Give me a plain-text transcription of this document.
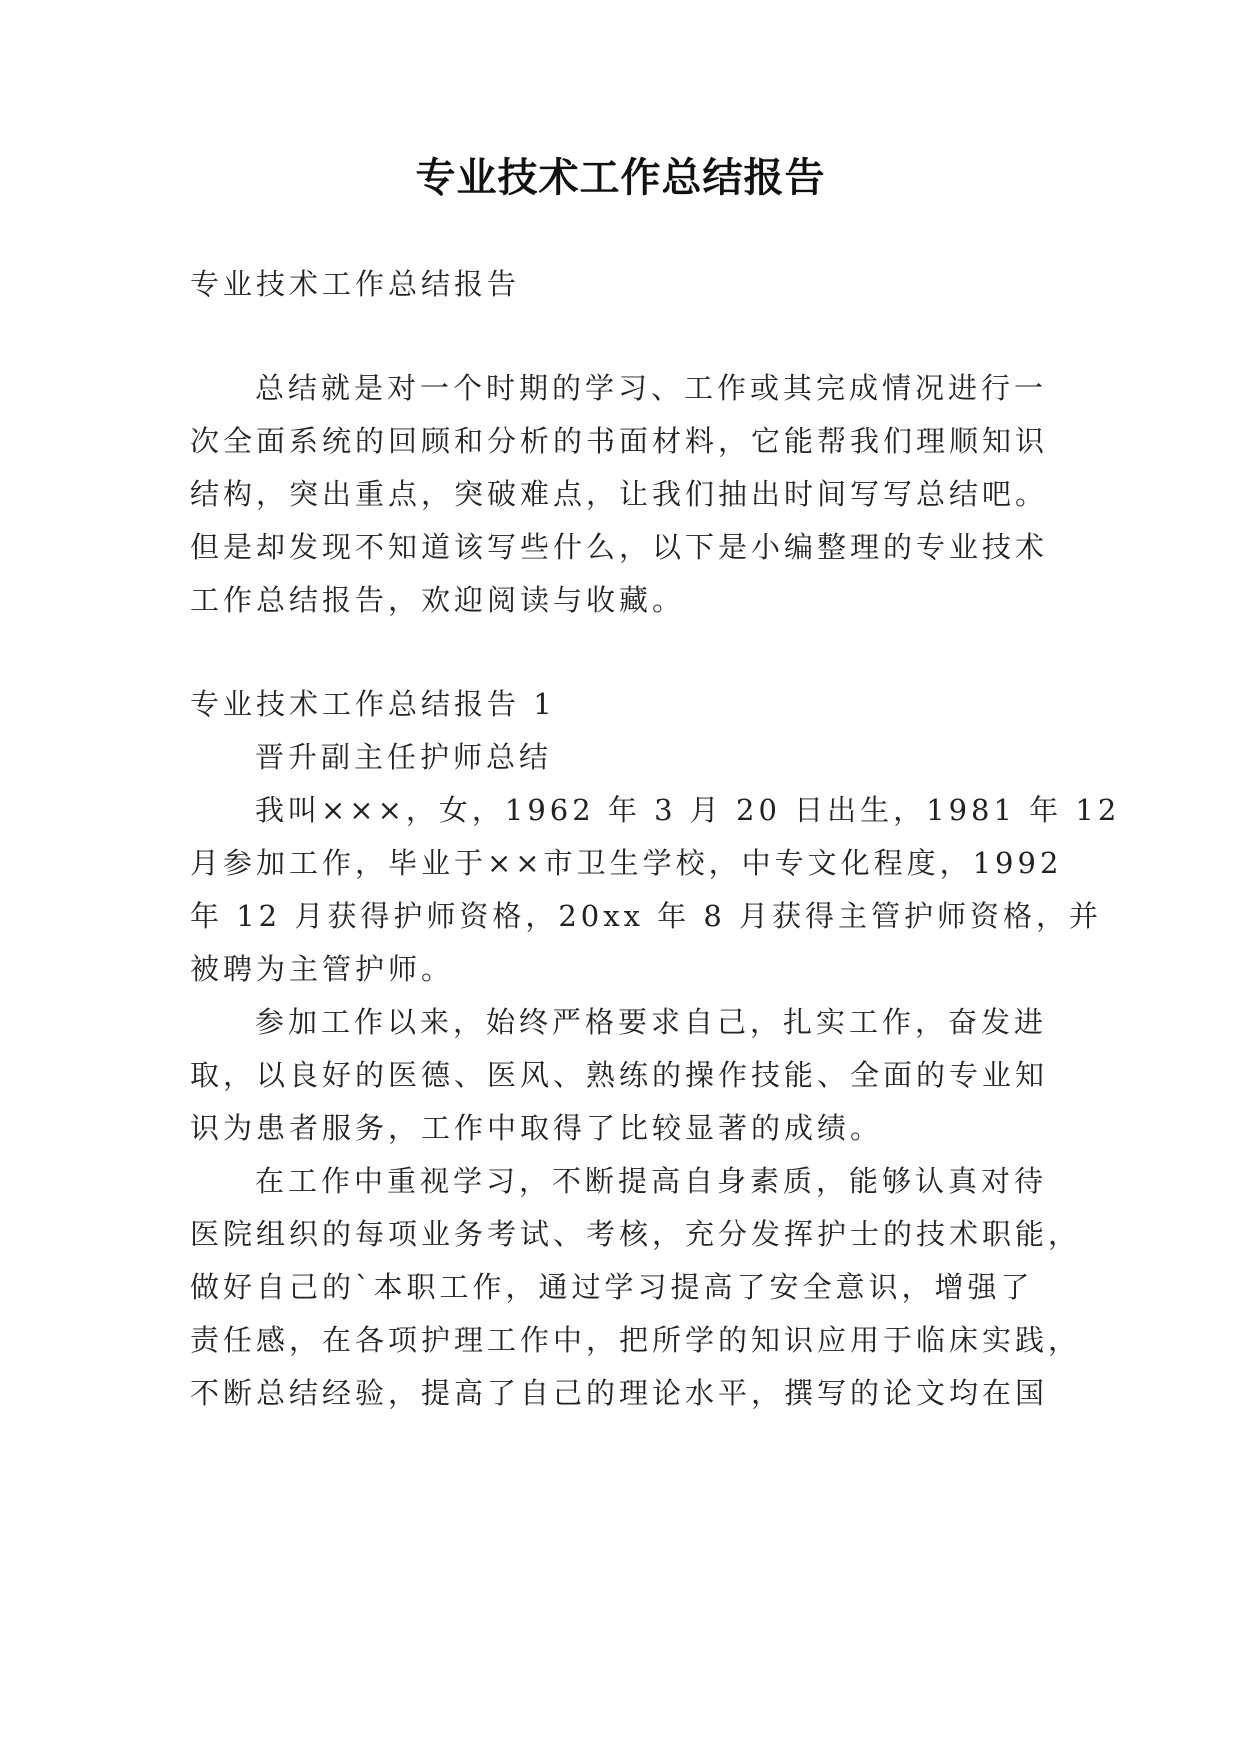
专业技术工作总结报告
专业技术工作总结报告
总结就是对一个时期的学习、工作或其完成情况进行一
次全面系统的回顾和分析的书面材料，它能帮我们理顺知识
结构，突出重点，突破难点，让我们抽出时间写写总结吧。
但是却发现不知道该写些什么，以下是小编整理的专业技术
工作总结报告，欢迎阅读与收藏。
专业技术工作总结报告 1
晋升副主任护师总结
我叫×××，女，1962 年 3 月 20 日出生，1981 年 12
月参加工作，毕业于××市卫生学校，中专文化程度，1992
年 12 月获得护师资格，20xx 年 8 月获得主管护师资格，并
被聘为主管护师。
参加工作以来，始终严格要求自己，扎实工作，奋发进
取，以良好的医德、医风、熟练的操作技能、全面的专业知
识为患者服务，工作中取得了比较显著的成绩。
在工作中重视学习，不断提高自身素质，能够认真对待
医院组织的每项业务考试、考核，充分发挥护士的技术职能，
做好自己的`本职工作，通过学习提高了安全意识，增强了
责任感，在各项护理工作中，把所学的知识应用于临床实践，
不断总结经验，提高了自己的理论水平，撰写的论文均在国
